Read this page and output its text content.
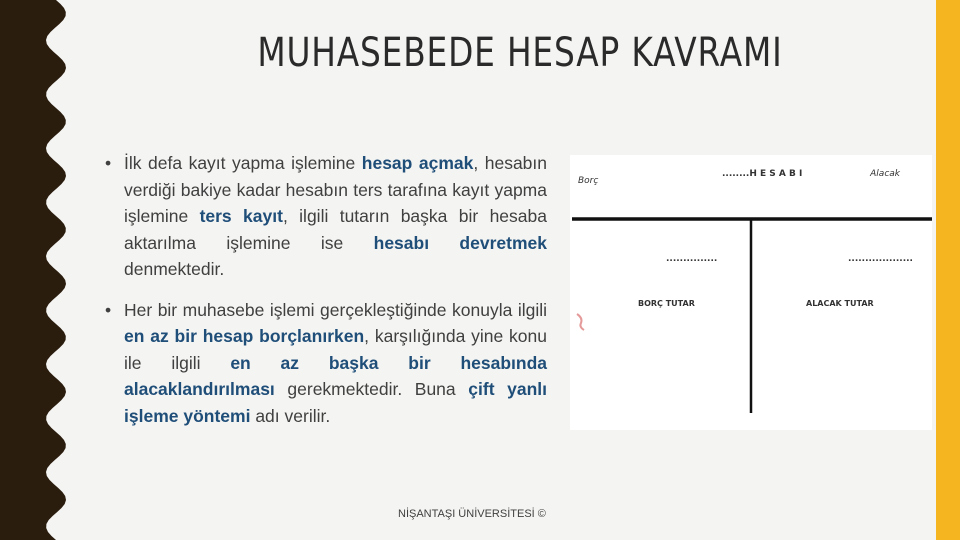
MUHASEBEDE HESAP KAVRAMI
• İlk defa kayıt yapma işlemine hesap açmak, hesabın verdiği bakiye kadar hesabın ters tarafına kayıt yapma işlemine ters kayıt, ilgili tutarın başka bir hesaba aktarılma işlemine ise hesabı devretmek denmektedir.
• Her bir muhasebe işlemi gerçekleştiğinde konuyla ilgili en az bir hesap borçlanırken, karşılığında yine konu ile ilgili en az başka bir hesabında alacaklandırılması gerekmektedir. Buna çift yanlı işleme yöntemi adı verilir.
Borç
........H E S A B I	Alacak
...............	...................
BORÇ TUTAR	ALACAK TUTAR
NİŞANTAŞI ÜNİVERSİTESİ ©
